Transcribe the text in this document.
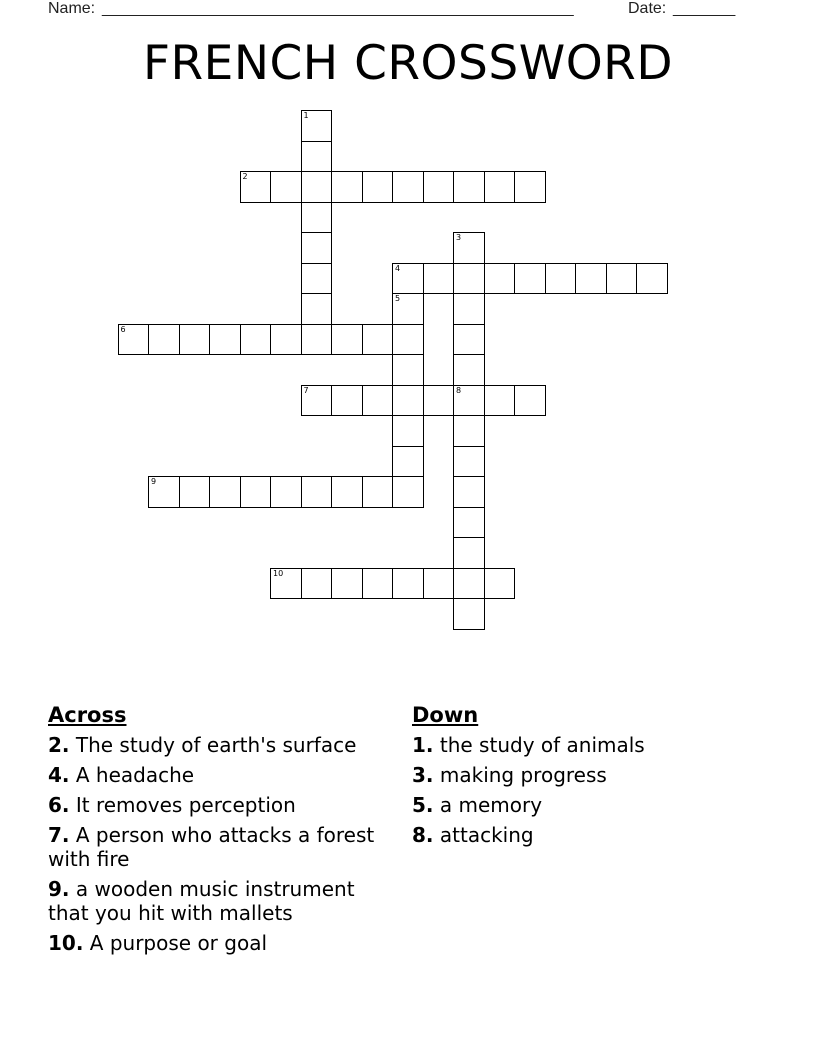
Name: _____________________________________________________	Date: _______
FRENCH CROSSWORD
1
2
3
8
4
5
6
7
9
10
Across
2. The study of earth's surface
4. A headache
6. It removes perception
7. A person who attacks a forest with fire
9. a wooden music instrument that you hit with mallets
10. A purpose or goal
Down
1. the study of animals
3. making progress
5. a memory
8. attacking
